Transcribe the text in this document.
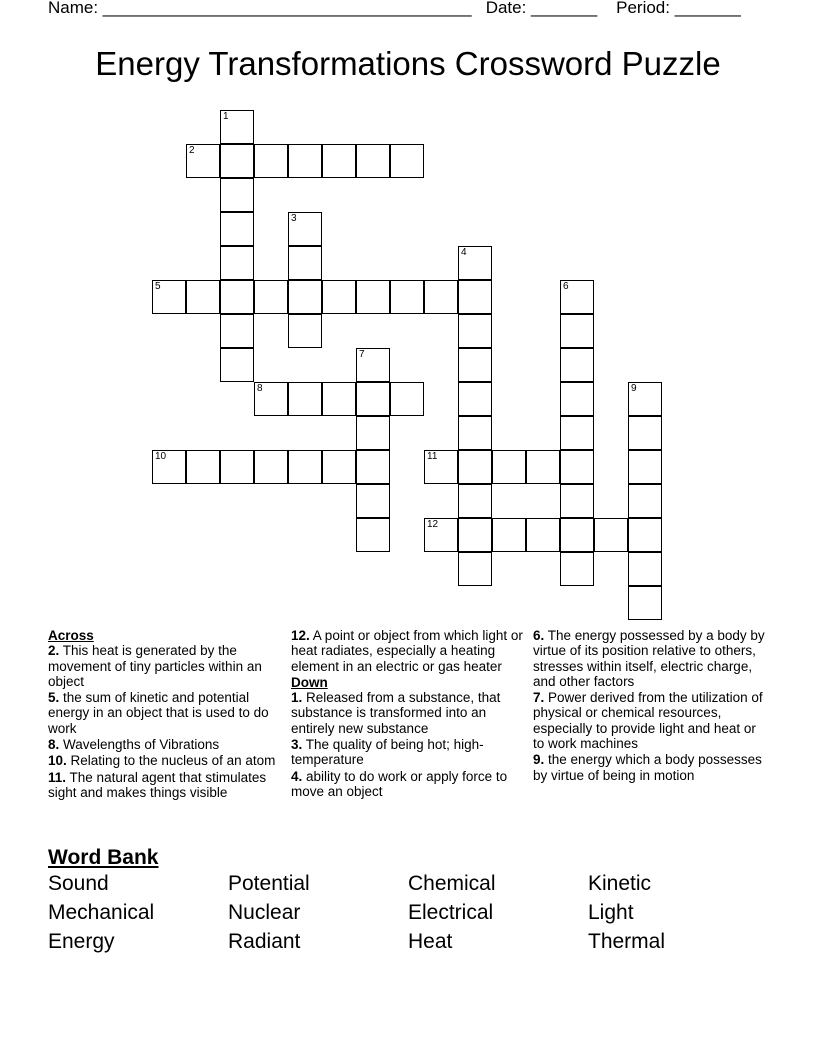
Name: _______________________________________   Date: _______    Period: _______
Energy Transformations Crossword Puzzle
1
2
3
4
5	6
7
8	9
10	11
12
Across
2. This heat is generated by the movement of tiny particles within an object
5. the sum of kinetic and potential energy in an object that is used to do work
8. Wavelengths of Vibrations
10. Relating to the nucleus of an atom
11. The natural agent that stimulates sight and makes things visible
12. A point or object from which light or heat radiates, especially a heating element in an electric or gas heater
Down
1. Released from a substance, that substance is transformed into an entirely new substance
3. The quality of being hot; high-temperature
4. ability to do work or apply force to move an object
6. The energy possessed by a body by virtue of its position relative to others, stresses within itself, electric charge, and other factors
7. Power derived from the utilization of physical or chemical resources, especially to provide light and heat or to work machines
9. the energy which a body possesses by virtue of being in motion
Word Bank
Sound	Potential	Chemical	Kinetic
Mechanical	Nuclear	Electrical	Light
Energy	Radiant	Heat	Thermal
